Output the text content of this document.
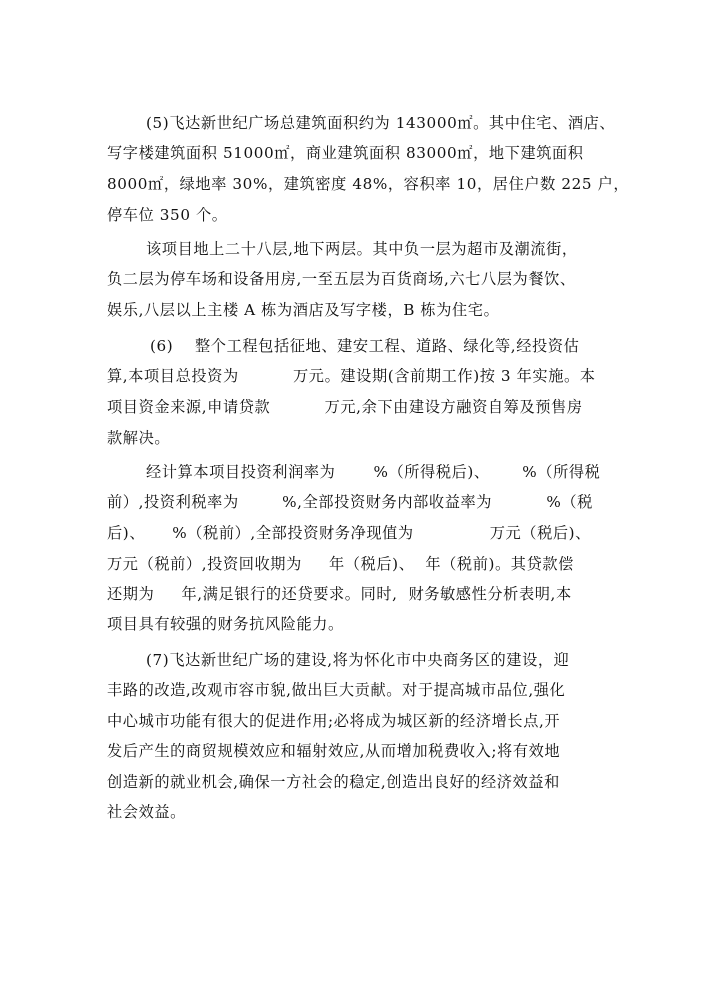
(5)飞达新世纪广场总建筑面积约为 143000㎡。其中住宅、酒店、
写字楼建筑面积 51000㎡，商业建筑面积 83000㎡，地下建筑面积
8000㎡，绿地率 30%，建筑密度 48%，容积率 10，居住户数 225 户，
停车位 350 个。
该项目地上二十八层,地下两层。其中负一层为超市及潮流街，
负二层为停车场和设备用房,一至五层为百货商场,六七八层为餐饮、
娱乐,八层以上主楼 A 栋为酒店及写字楼，B 栋为住宅。
(6)    整个工程包括征地、建安工程、道路、绿化等,经投资估
算,本项目总投资为          万元。建设期(含前期工作)按 3 年实施。本
项目资金来源,申请贷款          万元,余下由建设方融资自筹及预售房
款解决。
经计算本项目投资利润率为       %（所得税后)、      %（所得税
前）,投资利税率为        %,全部投资财务内部收益率为          %（税
后)、     %（税前）,全部投资财务净现值为              万元（税后)、
万元（税前）,投资回收期为     年（税后)、  年（税前)。其贷款偿
还期为     年,满足银行的还贷要求。同时,  财务敏感性分析表明,本
项目具有较强的财务抗风险能力。
(7)飞达新世纪广场的建设,将为怀化市中央商务区的建设，迎
丰路的改造,改观市容市貌,做出巨大贡献。对于提高城市品位,强化
中心城市功能有很大的促进作用;必将成为城区新的经济增长点,开
发后产生的商贸规模效应和辐射效应,从而增加税费收入;将有效地
创造新的就业机会,确保一方社会的稳定,创造出良好的经济效益和
社会效益。
